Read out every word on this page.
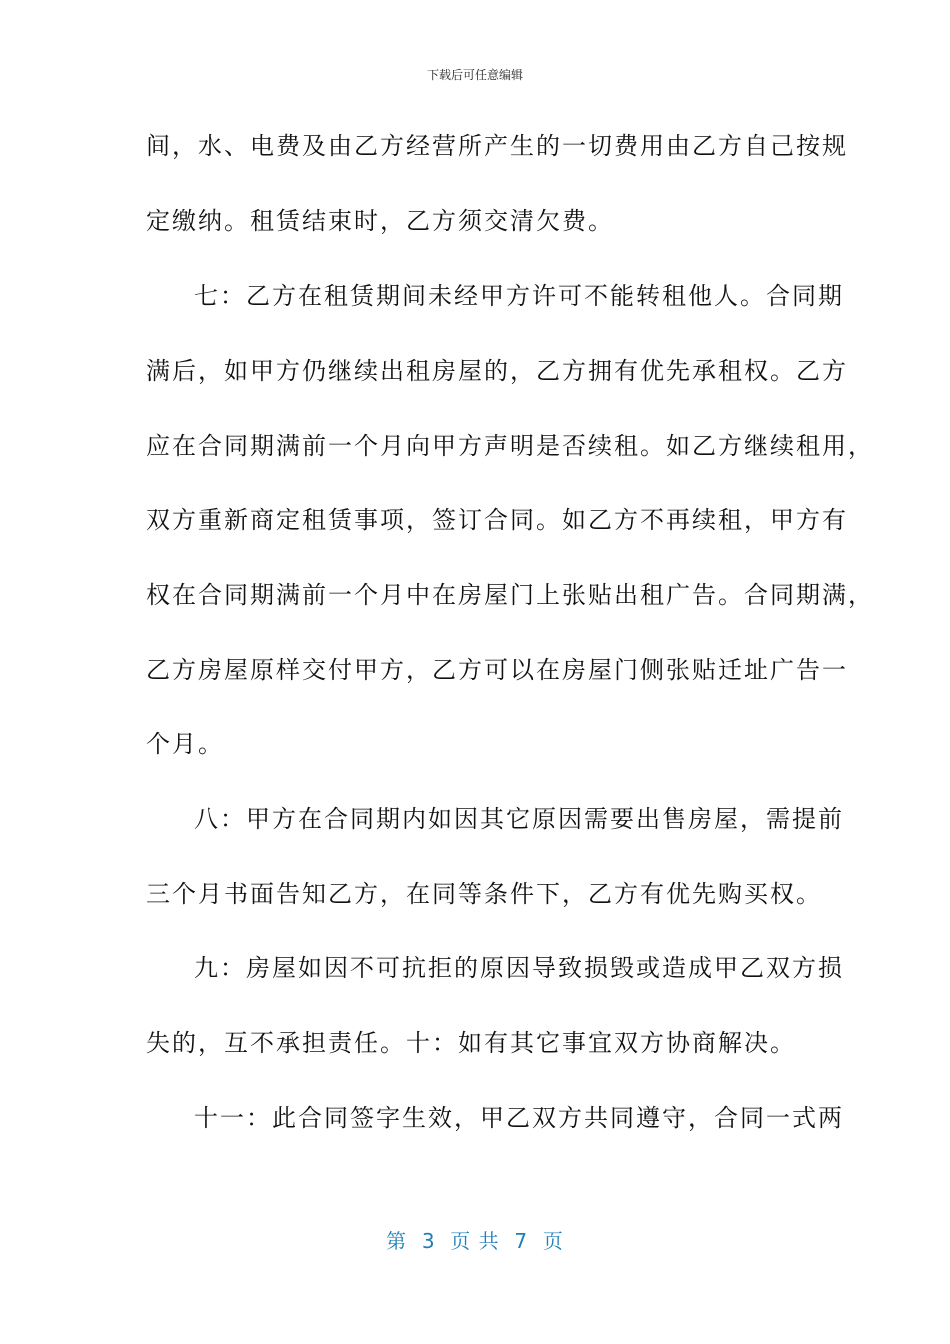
下载后可任意编辑
间，水、电费及由乙方经营所产生的一切费用由乙方自己按规
定缴纳。租赁结束时，乙方须交清欠费。
七：乙方在租赁期间未经甲方许可不能转租他人。合同期
满后，如甲方仍继续出租房屋的，乙方拥有优先承租权。乙方
应在合同期满前一个月向甲方声明是否续租。如乙方继续租用，
双方重新商定租赁事项，签订合同。如乙方不再续租，甲方有
权在合同期满前一个月中在房屋门上张贴出租广告。合同期满，
乙方房屋原样交付甲方，乙方可以在房屋门侧张贴迁址广告一
个月。
八：甲方在合同期内如因其它原因需要出售房屋，需提前
三个月书面告知乙方，在同等条件下，乙方有优先购买权。
九：房屋如因不可抗拒的原因导致损毁或造成甲乙双方损
失的，互不承担责任。十：如有其它事宜双方协商解决。
十一：此合同签字生效，甲乙双方共同遵守，合同一式两
第  3  页 共  7  页
